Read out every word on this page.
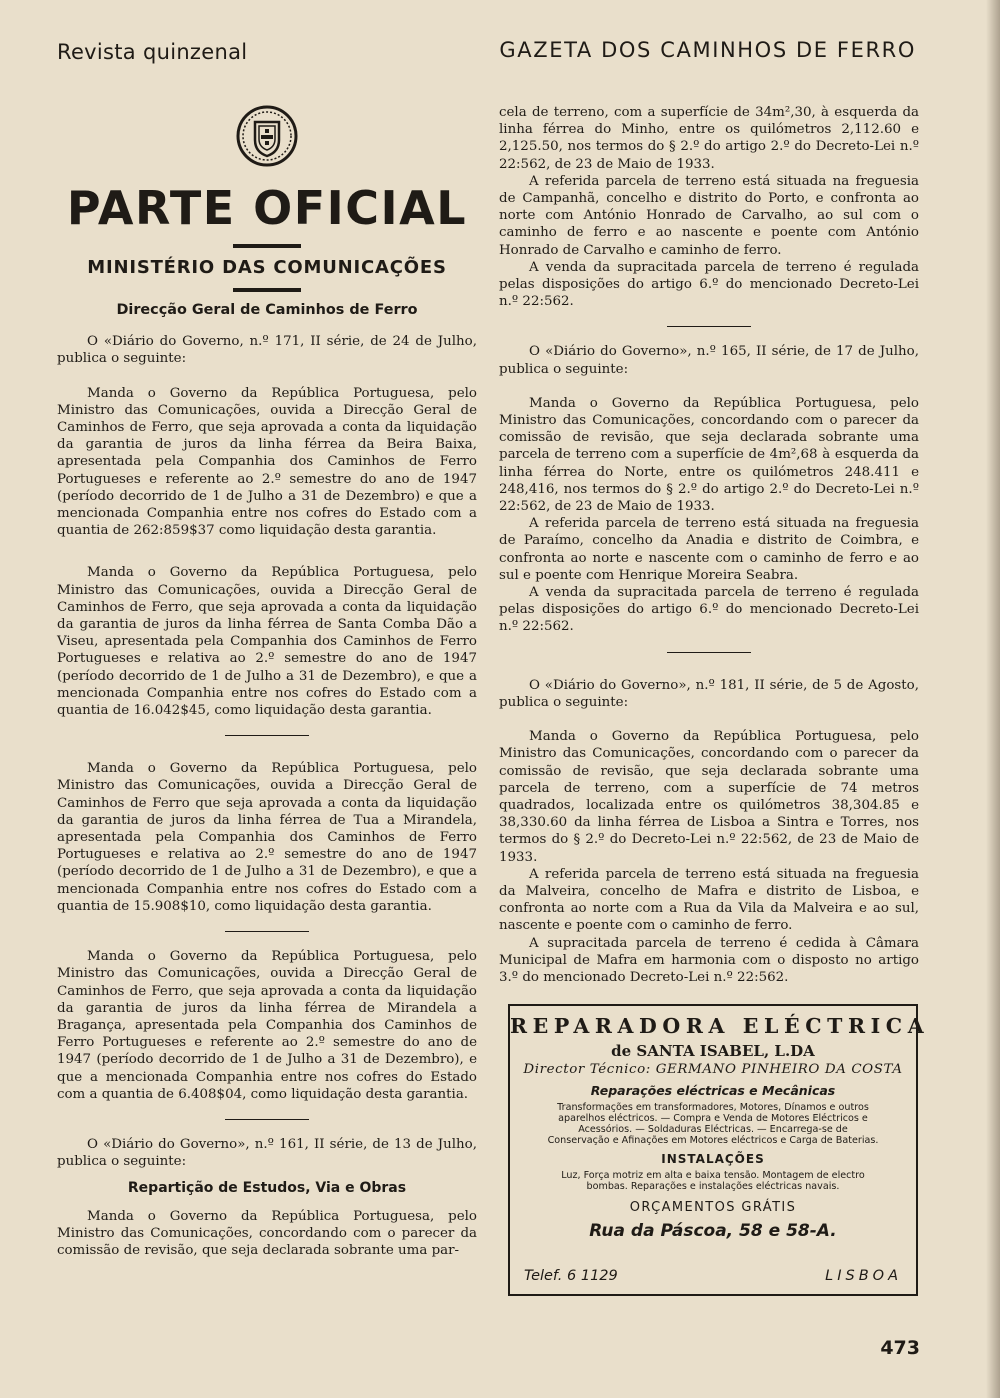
Revista quinzenal	GAZETA DOS CAMINHOS DE FERRO
PARTE OFICIAL
MINISTÉRIO DAS COMUNICAÇÕES
Direcção Geral de Caminhos de Ferro

O «Diário do Governo, n.º 171, II série, de 24 de Julho, publica o seguinte:

Manda o Governo da República Portuguesa, pelo Ministro das Comunicações, ouvida a Direcção Geral de Caminhos de Ferro, que seja aprovada a conta da liquidação da garantia de juros da linha férrea da Beira Baixa, apresentada pela Companhia dos Caminhos de Ferro Portugueses e referente ao 2.º semestre do ano de 1947 (período decorrido de 1 de Julho a 31 de Dezembro) e que a mencionada Companhia entre nos cofres do Estado com a quantia de 262:859$37 como liquidação desta garantia.

Manda o Governo da República Portuguesa, pelo Ministro das Comunicações, ouvida a Direcção Geral de Caminhos de Ferro, que seja aprovada a conta da liquidação da garantia de juros da linha férrea de Santa Comba Dão a Viseu, apresentada pela Companhia dos Caminhos de Ferro Portugueses e relativa ao 2.º semestre do ano de 1947 (período decorrido de 1 de Julho a 31 de Dezembro), e que a mencionada Companhia entre nos cofres do Estado com a quantia de 16.042$45, como liquidação desta garantia.

Manda o Governo da República Portuguesa, pelo Ministro das Comunicações, ouvida a Direcção Geral de Caminhos de Ferro que seja aprovada a conta da liquidação da garantia de juros da linha férrea de Tua a Mirandela, apresentada pela Companhia dos Caminhos de Ferro Portugueses e relativa ao 2.º semestre do ano de 1947 (período decorrido de 1 de Julho a 31 de Dezembro), e que a mencionada Companhia entre nos cofres do Estado com a quantia de 15.908$10, como liquidação desta garantia.

Manda o Governo da República Portuguesa, pelo Ministro das Comunicações, ouvida a Direcção Geral de Caminhos de Ferro, que seja aprovada a conta da liquidação da garantia de juros da linha férrea de Mirandela a Bragança, apresentada pela Companhia dos Caminhos de Ferro Portugueses e referente ao 2.º semestre do ano de 1947 (período decorrido de 1 de Julho a 31 de Dezembro), e que a mencionada Companhia entre nos cofres do Estado com a quantia de 6.408$04, como liquidação desta garantia.

O «Diário do Governo», n.º 161, II série, de 13 de Julho, publica o seguinte:

Repartição de Estudos, Via e Obras

Manda o Governo da República Portuguesa, pelo Ministro das Comunicações, concordando com o parecer da comissão de revisão, que seja declarada sobrante uma par-

cela de terreno, com a superfície de 34m²,30, à esquerda da linha férrea do Minho, entre os quilómetros 2,112.60 e 2,125.50, nos termos do § 2.º do artigo 2.º do Decreto-Lei n.º 22:562, de 23 de Maio de 1933.

A referida parcela de terreno está situada na freguesia de Campanhã, concelho e distrito do Porto, e confronta ao norte com António Honrado de Carvalho, ao sul com o caminho de ferro e ao nascente e poente com António Honrado de Carvalho e caminho de ferro.

A venda da supracitada parcela de terreno é regulada pelas disposições do artigo 6.º do mencionado Decreto-Lei n.º 22:562.

O «Diário do Governo», n.º 165, II série, de 17 de Julho, publica o seguinte:

Manda o Governo da República Portuguesa, pelo Ministro das Comunicações, concordando com o parecer da comissão de revisão, que seja declarada sobrante uma parcela de terreno com a superfície de 4m²,68 à esquerda da linha férrea do Norte, entre os quilómetros 248.411 e 248,416, nos termos do § 2.º do artigo 2.º do Decreto-Lei n.º 22:562, de 23 de Maio de 1933.

A referida parcela de terreno está situada na freguesia de Paraímo, concelho da Anadia e distrito de Coimbra, e confronta ao norte e nascente com o caminho de ferro e ao sul e poente com Henrique Moreira Seabra.

A venda da supracitada parcela de terreno é regulada pelas disposições do artigo 6.º do mencionado Decreto-Lei n.º 22:562.

O «Diário do Governo», n.º 181, II série, de 5 de Agosto, publica o seguinte:

Manda o Governo da República Portuguesa, pelo Ministro das Comunicações, concordando com o parecer da comissão de revisão, que seja declarada sobrante uma parcela de terreno, com a superfície de 74 metros quadrados, localizada entre os quilómetros 38,304.85 e 38,330.60 da linha férrea de Lisboa a Sintra e Torres, nos termos do § 2.º do Decreto-Lei n.º 22:562, de 23 de Maio de 1933.

A referida parcela de terreno está situada na freguesia da Malveira, concelho de Mafra e distrito de Lisboa, e confronta ao norte com a Rua da Vila da Malveira e ao sul, nascente e poente com o caminho de ferro.

A supracitada parcela de terreno é cedida à Câmara Municipal de Mafra em harmonia com o disposto no artigo 3.º do mencionado Decreto-Lei n.º 22:562.

REPARADORA ELÉCTRICA
de SANTA ISABEL, L.DA
Director Técnico: GERMANO PINHEIRO DA COSTA
Reparações eléctricas e Mecânicas
Transformações em transformadores, Motores, Dínamos e outros aparelhos eléctricos. — Compra e Venda de Motores Eléctricos e Acessórios. — Soldaduras Eléctricas. — Encarrega-se de Conservação e Afinações em Motores eléctricos e Carga de Baterias.
INSTALAÇÕES
Luz, Força motriz em alta e baixa tensão. Montagem de electro bombas. Reparações e instalações eléctricas navais.
ORÇAMENTOS GRÁTIS
Rua da Páscoa, 58 e 58-A.
Telef. 6 1129	LISBOA
473
